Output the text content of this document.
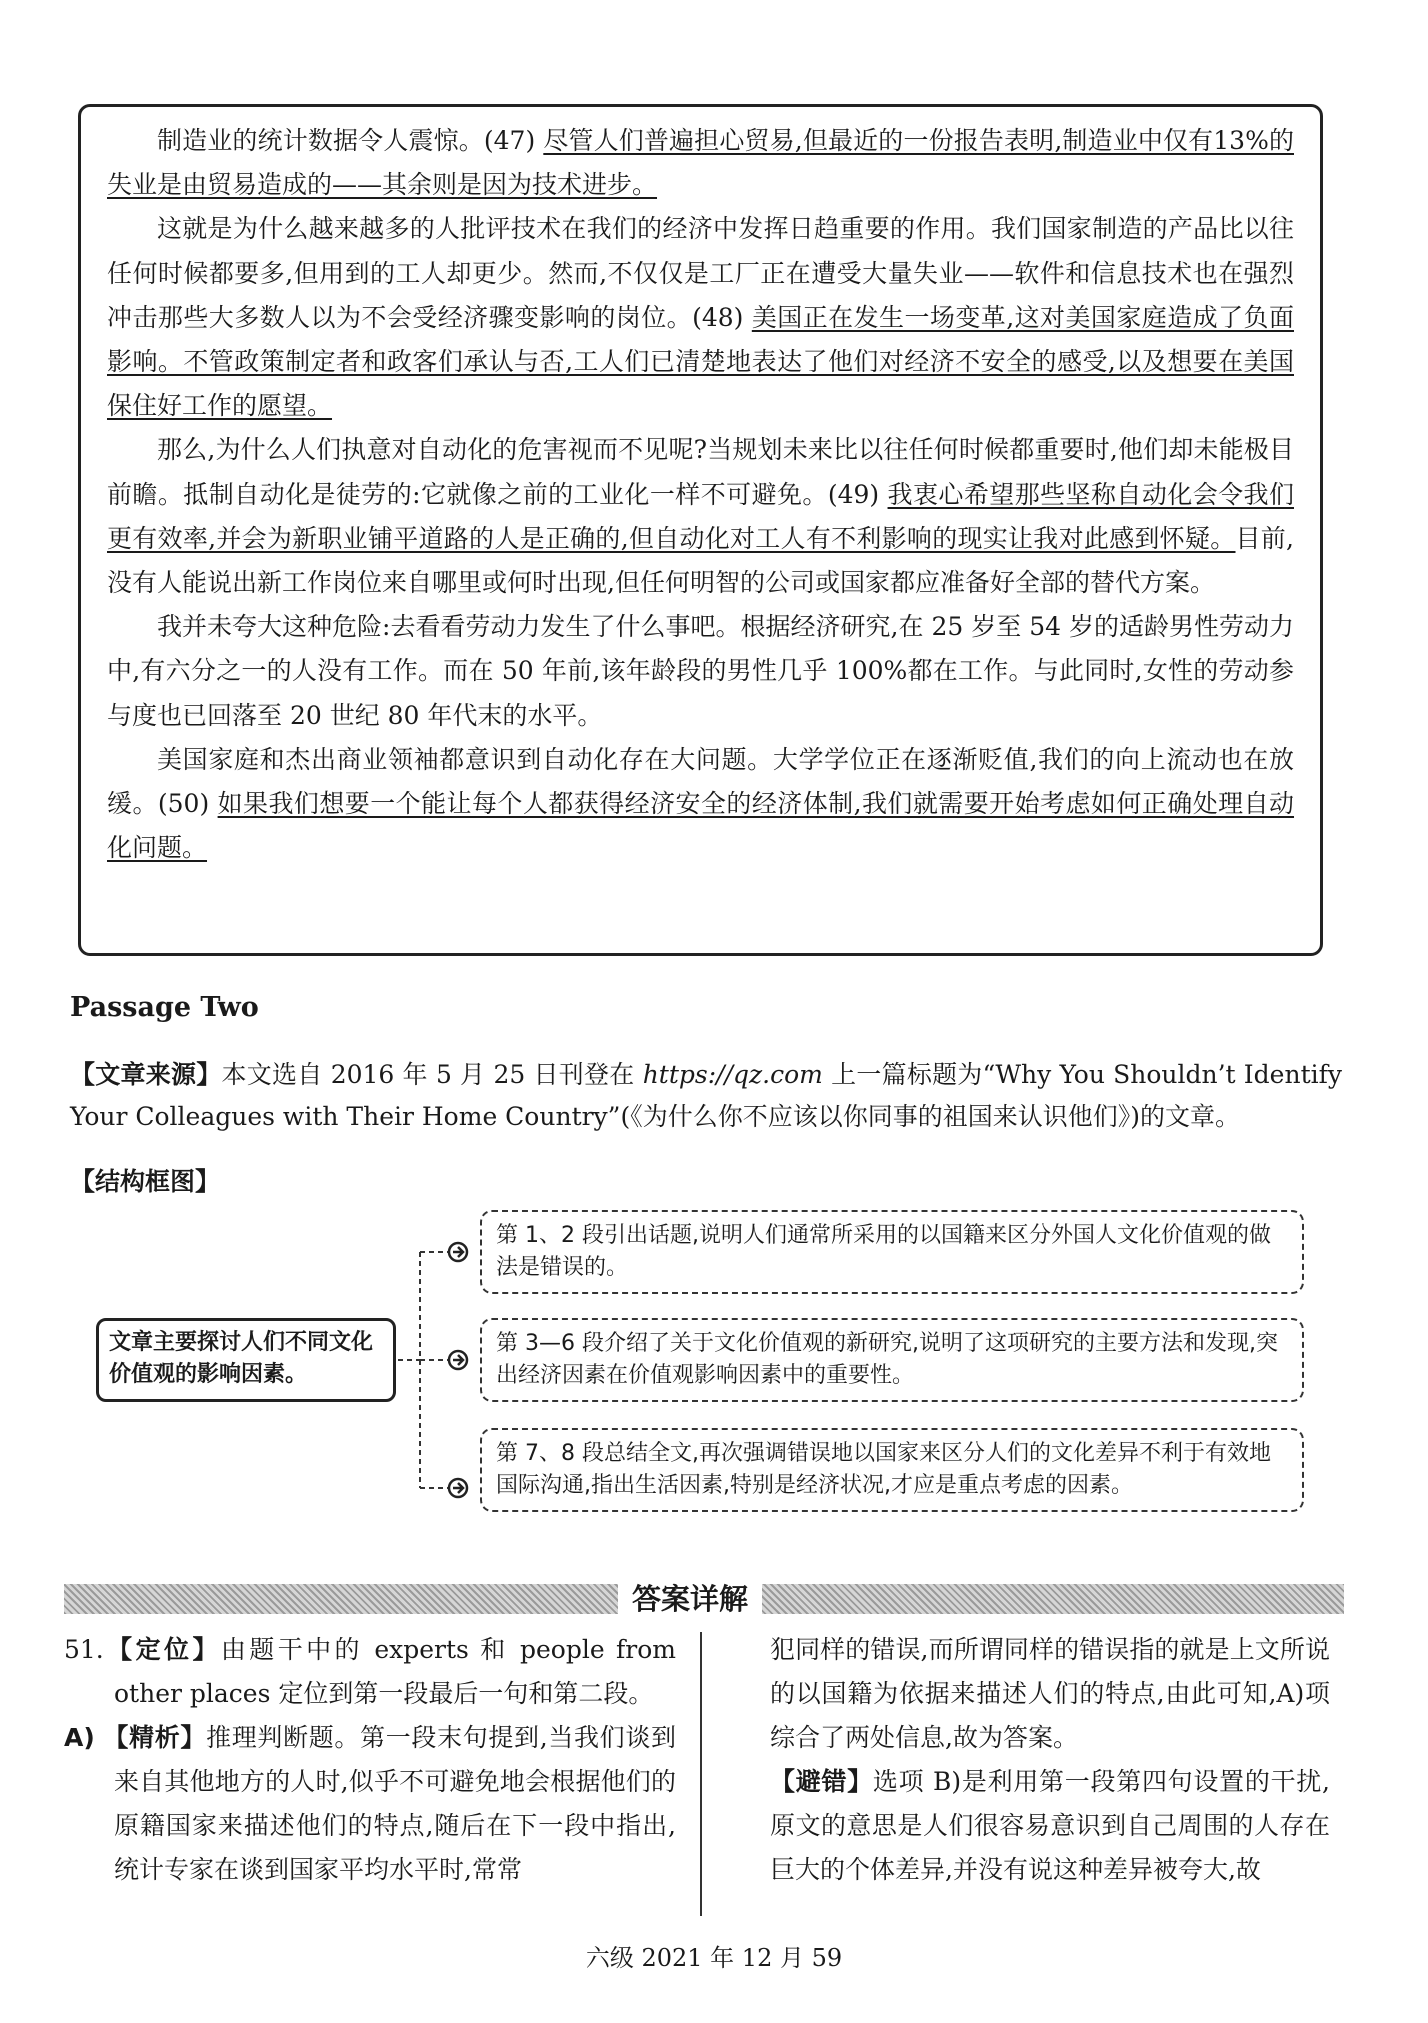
制造业的统计数据令人震惊。(47) 尽管人们普遍担心贸易,但最近的一份报告表明,制造业中仅有13%的失业是由贸易造成的——其余则是因为技术进步。

这就是为什么越来越多的人批评技术在我们的经济中发挥日趋重要的作用。我们国家制造的产品比以往任何时候都要多,但用到的工人却更少。然而,不仅仅是工厂正在遭受大量失业——软件和信息技术也在强烈冲击那些大多数人以为不会受经济骤变影响的岗位。(48) 美国正在发生一场变革,这对美国家庭造成了负面影响。不管政策制定者和政客们承认与否,工人们已清楚地表达了他们对经济不安全的感受,以及想要在美国保住好工作的愿望。

那么,为什么人们执意对自动化的危害视而不见呢?当规划未来比以往任何时候都重要时,他们却未能极目前瞻。抵制自动化是徒劳的:它就像之前的工业化一样不可避免。(49) 我衷心希望那些坚称自动化会令我们更有效率,并会为新职业铺平道路的人是正确的,但自动化对工人有不利影响的现实让我对此感到怀疑。目前,没有人能说出新工作岗位来自哪里或何时出现,但任何明智的公司或国家都应准备好全部的替代方案。

我并未夸大这种危险:去看看劳动力发生了什么事吧。根据经济研究,在 25 岁至 54 岁的适龄男性劳动力中,有六分之一的人没有工作。而在 50 年前,该年龄段的男性几乎 100%都在工作。与此同时,女性的劳动参与度也已回落至 20 世纪 80 年代末的水平。

美国家庭和杰出商业领袖都意识到自动化存在大问题。大学学位正在逐渐贬值,我们的向上流动也在放缓。(50) 如果我们想要一个能让每个人都获得经济安全的经济体制,我们就需要开始考虑如何正确处理自动化问题。

Passage Two
【文章来源】本文选自 2016 年 5 月 25 日刊登在 https://qz.com 上一篇标题为“Why You Shouldn’t Identify Your Colleagues with Their Home Country”(《为什么你不应该以你同事的祖国来认识他们》)的文章。
【结构框图】
文章主要探讨人们不同文化价值观的影响因素。
第 1、2 段引出话题,说明人们通常所采用的以国籍来区分外国人文化价值观的做法是错误的。
第 3—6 段介绍了关于文化价值观的新研究,说明了这项研究的主要方法和发现,突出经济因素在价值观影响因素中的重要性。
第 7、8 段总结全文,再次强调错误地以国家来区分人们的文化差异不利于有效地国际沟通,指出生活因素,特别是经济状况,才应是重点考虑的因素。
答案详解

51.【定位】由题干中的 experts 和 people from other places 定位到第一段最后一句和第二段。

A) 【精析】推理判断题。第一段末句提到,当我们谈到来自其他地方的人时,似乎不可避免地会根据他们的原籍国家来描述他们的特点,随后在下一段中指出,统计专家在谈到国家平均水平时,常常

犯同样的错误,而所谓同样的错误指的就是上文所说的以国籍为依据来描述人们的特点,由此可知,A)项综合了两处信息,故为答案。

【避错】选项 B)是利用第一段第四句设置的干扰,原文的意思是人们很容易意识到自己周围的人存在巨大的个体差异,并没有说这种差异被夸大,故

六级 2021 年 12 月 59
